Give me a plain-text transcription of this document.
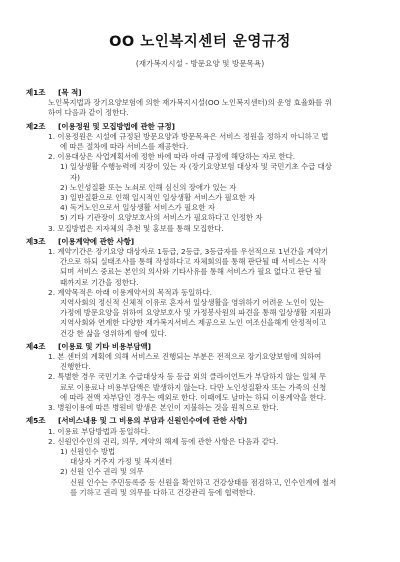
OO 노인복지센터 운영규정
(재가복지시설 - 방문요양 및 방문목욕)
제1조 [목 적]
노인복지법과 장기요양보험에 의한 재가복지시설(OO 노인복지센터)의 운영 효율화를 위
하여 다음과 같이 정한다.
제2조 [이용정원 및 모집방법에 관한 규정]
1. 이용정원은 시설에 규정된 방문요양과 방문목욕은 서비스 정원을 정하지 아니하고 법
에 따른 절차에 따라 서비스를 제공한다.
2. 이용대상은 사업계획서에 정한 바에 따라 아래 규정에 해당하는 자로 한다.
1) 일상생활 수행능력에 지장이 있는 자 (장기요양보험 대상자 및 국민기초 수급 대상
자)
2) 노인성질환 또는 노쇠로 인해 심신의 장애가 있는 자
3) 일반질환으로 인해 일시적인 일상생활 서비스가 필요한 자
4) 독거노인으로서 일상생활 서비스가 필요한 자
5) 기타 기관장이 요양보호사의 서비스가 필요하다고 인정한 자
3. 모집방법은 지자체의 추천 및 홍보를 통해 모집한다.
제3조 [이용계약에 관한 사항]
1. 계약기간은 장기요양 대상자로 1등급, 2등급, 3등급자를 우선적으로 1년간을 계약기
간으로 하되 실태조사를 통해 작성하다고 자체회의를 통해 판단될 때 서비스는 시작
되며 서비스 중료는 본인의 의사와 기타사유를 통해 서비스가 필요 없다고 판단 될
때까지로 기간을 정한다.
2. 계약목적은 아래 이용계약서의 목적과 동일하다.
지역사회의 정신적 신체적 이유로 혼자서 일상생활을 영위하기 어려운 노인이 있는
가정에 방문요양을 위하여 요양보호사 및 가정봉사원의 파견을 통해 일상생활 지원과
지역사회와 연계한 다양한 재가복지서비스 제공으로 노인 여조신을해게 안정적이고
건강 한 삶을 영위하게 함에 있다.
제4조 [이용료 및 기타 비용부담액]
1. 본 센터의 계획에 의해 서비스로 진행되는 부분은 전적으로 장기요양보험에 의하여
진행한다.
2. 특별한 경우 국민기초 수급대상자 등 등급 외의 클라이언트가 부담하지 않는 일체 무
료로 이용료나 비용부담액은 발생하지 않는다. 다만 노인성질환자 또는 가족의 신청
에 따라 전액 자부담인 경우는 예외로 한다. 이때에도 날마는 하되 이용계약을 한다.
3. 병원이용에 따른 병원비 발생은 본인이 지불하는 것을 원칙으로 한다.
제5조 [서비스내용 및 그 비용의 부담과 신원인수에에 관한 사항]
1. 이용료 부담방법과 동일하다.
2. 신원인수인의 권리, 의무, 계약의 해제 등에 관한 사항은 다음과 같다.
1) 신원인수 방법
대상자 거주지 가정 및 복지센터
2) 신원 인수 권리 및 의무
신원 인수는 주민등록증 등 신원을 확인하고 건강상태를 점검하고, 인수인계에 철저
를 기하고 권리 및 의무를 다하고 건강관리 등에 협력한다.
